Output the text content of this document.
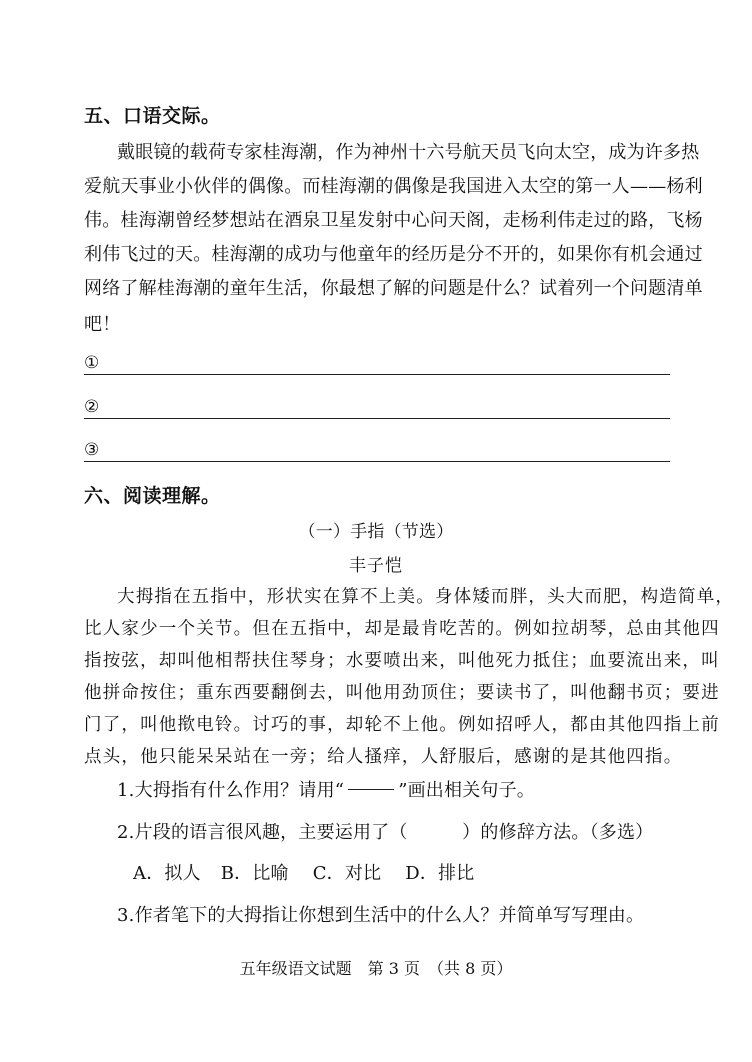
五、口语交际。
戴眼镜的载荷专家桂海潮，作为神州十六号航天员飞向太空，成为许多热
爱航天事业小伙伴的偶像。而桂海潮的偶像是我国进入太空的第一人——杨利
伟。桂海潮曾经梦想站在酒泉卫星发射中心问天阁，走杨利伟走过的路，飞杨
利伟飞过的天。桂海潮的成功与他童年的经历是分不开的，如果你有机会通过
网络了解桂海潮的童年生活，你最想了解的问题是什么？试着列一个问题清单
吧！
①
②
③
六、阅读理解。
（一）手指（节选）
丰子恺
大拇指在五指中，形状实在算不上美。身体矮而胖，头大而肥，构造简单，
比人家少一个关节。但在五指中，却是最肯吃苦的。例如拉胡琴，总由其他四
指按弦，却叫他相帮扶住琴身；水要喷出来，叫他死力抵住；血要流出来，叫
他拼命按住；重东西要翻倒去，叫他用劲顶住；要读书了，叫他翻书页；要进
门了，叫他揿电铃。讨巧的事，却轮不上他。例如招呼人，都由其他四指上前
点头，他只能呆呆站在一旁；给人搔痒，人舒服后，感谢的是其他四指。
1.大拇指有什么作用？请用“	”画出相关句子。
2.片段的语言很风趣，主要运用了（　　　）的修辞方法。（多选）
A．拟人 B．比喻 C．对比 D．排比
3.作者笔下的大拇指让你想到生活中的什么人？并简单写写理由。
五年级语文试题　第 3 页　（共 8 页）
